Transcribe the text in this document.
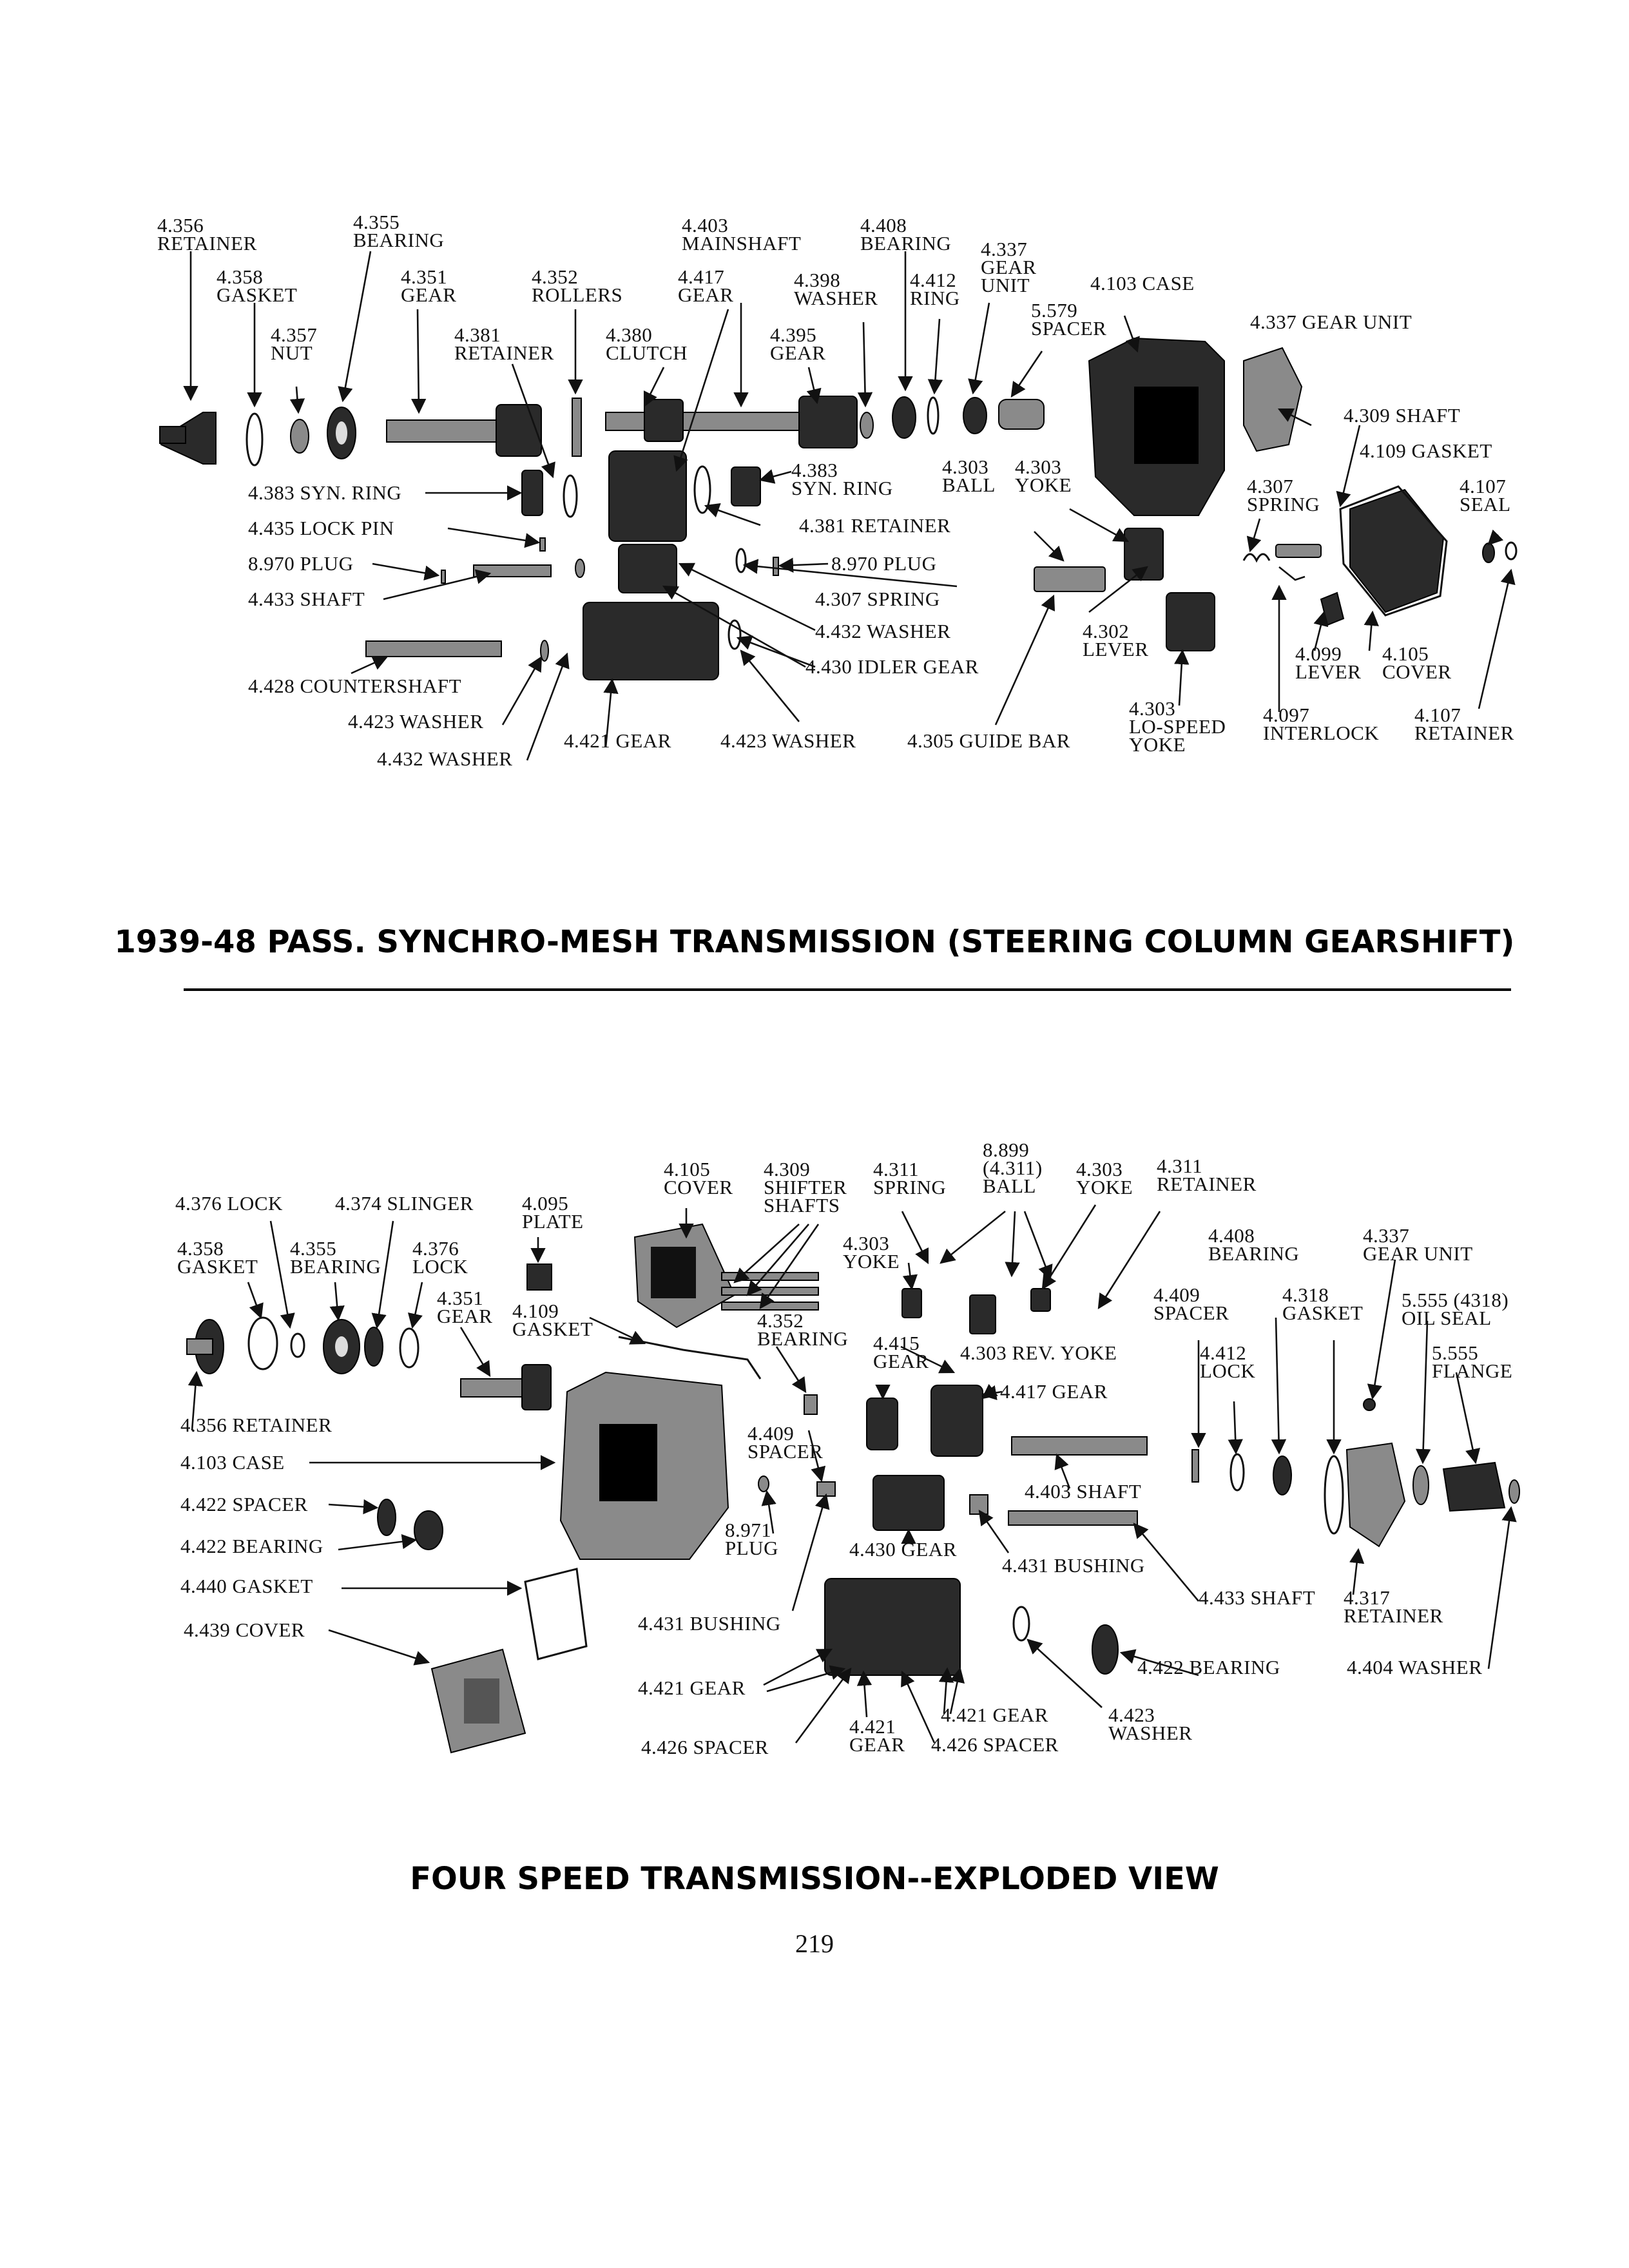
4.356 RETAINER
4.355 BEARING
4.403 MAINSHAFT
4.408 BEARING 4.337 GEAR UNIT
4.358 GASKET
4.351 GEAR
4.352 ROLLERS
4.417 GEAR
4.398 WASHER
4.412 RING
4.103 CASE
5.579 SPACER	4.337 GEAR UNIT
4.357 NUT
4.381 RETAINER
4.380 CLUTCH
4.395 GEAR
4.309 SHAFT
4.109 GASKET
4.383 SYN. RING
4.303 BALL
4.303 YOKE	4.307 SPRING
4.107 SEAL
4.383 SYN. RING
4.381 RETAINER
4.435 LOCK PIN
8.970 PLUG	8.970 PLUG
4.307 SPRING
4.433 SHAFT
4.432 WASHER	4.302 LEVER	4.099 LEVER
4.105 COVER
4.430 IDLER GEAR
4.428 COUNTERSHAFT
4.303 LO-SPEED YOKE
4.097 INTERLOCK
4.107 RETAINER
4.423 WASHER
4.421 GEAR 4.423 WASHER	4.305 GUIDE BAR
4.432 WASHER
1939-48 PASS. SYNCHRO-MESH TRANSMISSION (STEERING COLUMN GEARSHIFT)
8.899 (4.311) BALL
4.105 COVER
4.309 SHIFTER SHAFTS
4.311 SPRING
4.303 YOKE
4.311 RETAINER
4.376 LOCK	4.374 SLINGER 4.095 PLATE
4.303 YOKE
4.408 BEARING
4.337 GEAR UNIT
4.358 GASKET
4.355 BEARING
4.376 LOCK
4.351 GEAR 4.109 GASKET	4.352 BEARING
4.409 SPACER
4.318 GASKET
5.555 (4318) OIL SEAL
4.415 GEAR 4.303 REV. YOKE	4.412 LOCK
5.555 FLANGE
4.417 GEAR
4.356 RETAINER	4.409 SPACER
4.103 CASE
4.403 SHAFT
4.422 SPACER
8.971 PLUG
4.422 BEARING	4.430 GEAR
4.431 BUSHING
4.440 GASKET
4.433 SHAFT 4.317 RETAINER
4.439 COVER	4.431 BUSHING
4.422 BEARING	4.404 WASHER
4.421 GEAR
4.421 GEAR	4.423 WASHER
4.421 GEAR
4.426 SPACER	4.426 SPACER
FOUR SPEED TRANSMISSION--EXPLODED VIEW
219
